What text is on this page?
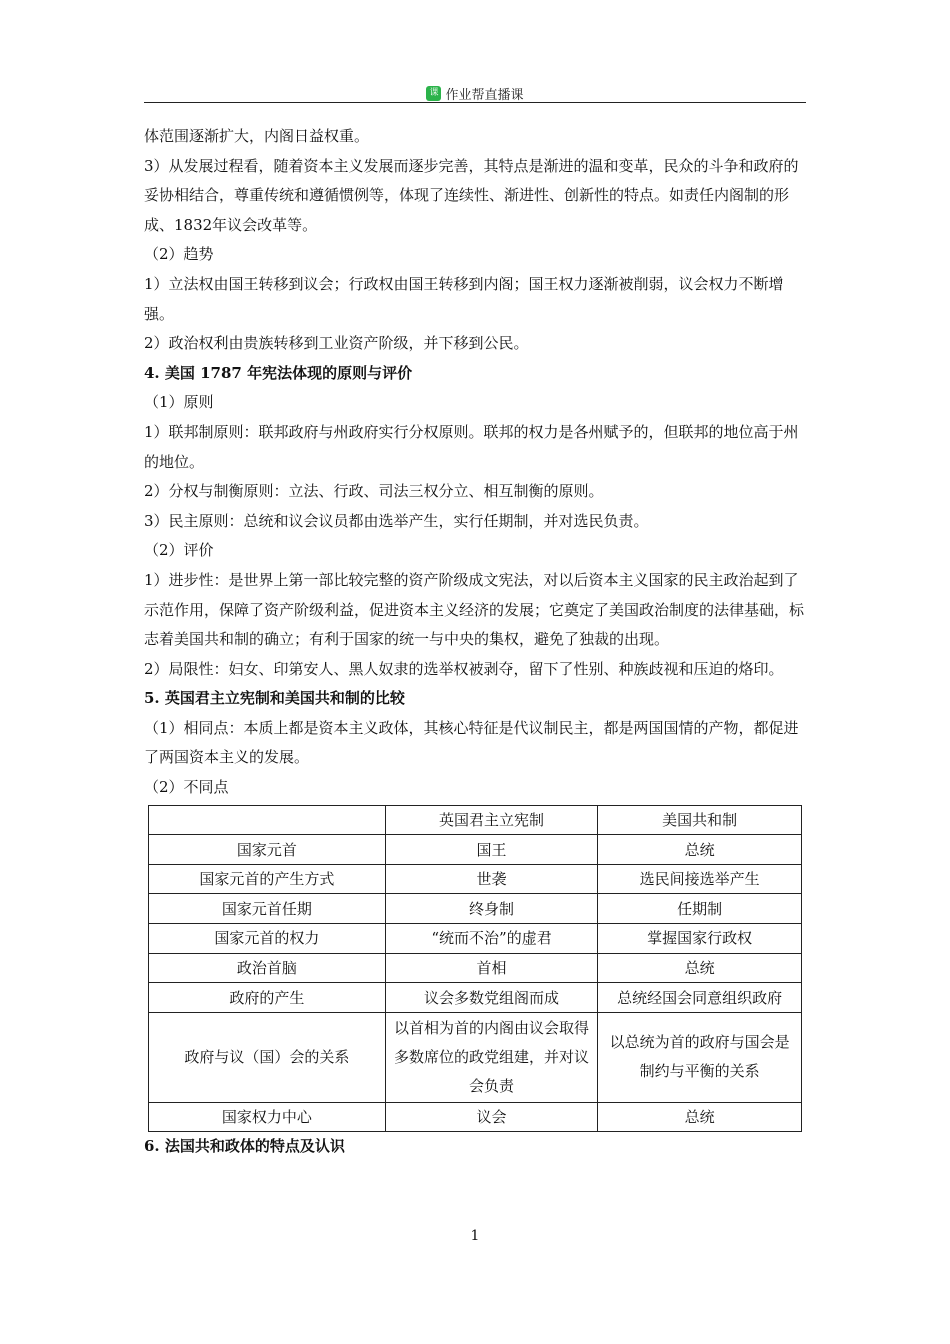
课 作业帮直播课

体范围逐渐扩大，内阁日益权重。

3）从发展过程看，随着资本主义发展而逐步完善，其特点是渐进的温和变革，民众的斗争和政府的妥协相结合，尊重传统和遵循惯例等，体现了连续性、渐进性、创新性的特点。如责任内阁制的形成、1832年议会改革等。

（2）趋势

1）立法权由国王转移到议会；行政权由国王转移到内阁；国王权力逐渐被削弱，议会权力不断增强。

2）政治权利由贵族转移到工业资产阶级，并下移到公民。

4. 美国 1787 年宪法体现的原则与评价

（1）原则

1）联邦制原则：联邦政府与州政府实行分权原则。联邦的权力是各州赋予的，但联邦的地位高于州的地位。

2）分权与制衡原则：立法、行政、司法三权分立、相互制衡的原则。

3）民主原则：总统和议会议员都由选举产生，实行任期制，并对选民负责。

（2）评价

1）进步性：是世界上第一部比较完整的资产阶级成文宪法，对以后资本主义国家的民主政治起到了示范作用，保障了资产阶级利益，促进资本主义经济的发展；它奠定了美国政治制度的法律基础，标志着美国共和制的确立；有利于国家的统一与中央的集权，避免了独裁的出现。

2）局限性：妇女、印第安人、黑人奴隶的选举权被剥夺，留下了性别、种族歧视和压迫的烙印。

5. 英国君主立宪制和美国共和制的比较

（1）相同点：本质上都是资本主义政体，其核心特征是代议制民主，都是两国国情的产物，都促进了两国资本主义的发展。

（2）不同点

	英国君主立宪制	美国共和制
国家元首	国王	总统
国家元首的产生方式	世袭	选民间接选举产生
国家元首任期	终身制	任期制
国家元首的权力	“统而不治”的虚君	掌握国家行政权
政治首脑	首相	总统
政府的产生	议会多数党组阁而成	总统经国会同意组织政府
政府与议（国）会的关系	以首相为首的内阁由议会取得多数席位的政党组建，并对议会负责	以总统为首的政府与国会是制约与平衡的关系
国家权力中心	议会	总统

6. 法国共和政体的特点及认识

1
